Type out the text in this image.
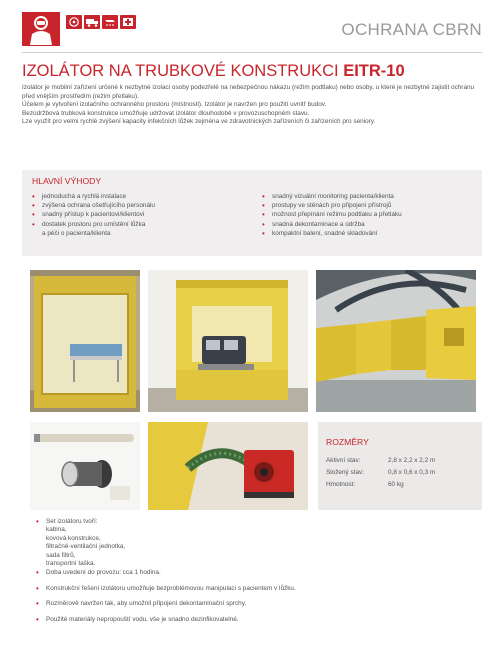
OCHRANA CBRN
IZOLÁTOR NA TRUBKOVÉ KONSTRUKCI EITR-10

Izolátor je mobilní zařízení určené k nezbytné izolaci osoby podezřelé na nebezpečnou nákazu (režim podtlaku) nebo osoby, u které je nezbytné zajistit ochranu před vnějším prostředím (režim přetlaku).

Účelem je vytvoření izolačního ochranného prostoru (místnosti). Izolátor je navržen pro použití uvnitř budov.

Bezúdržbová trubková konstrukce umožňuje udržovat izolátor dlouhodobě v provozuschopném stavu.

Lze využít pro velmi rychlé zvýšení kapacity infekčních lůžek zejména ve zdravotnických zařízeních či zařízeních pro seniory.

HLAVNÍ VÝHODY
• jednoduchá a rychlá instalace
• zvýšená ochrana ošetřujícího personálu
• snadný přístup k pacientovi/klientovi
• dostatek prostoru pro umístění lůžka
a péči o pacienta/klienta
• snadný vizuální monitoring pacienta/klienta
• prostupy ve stěnách pro připojení přístrojů
• možnost přepínání režimu podtlaku a přetlaku
• snadná dekontaminace a údržba
• kompaktní balení, snadné skladování
ROZMĚRY
Aktivní stav:	2,8 x 2,2 x 2,2 m
Složený stav:	0,8 x 0,6 x 0,3 m
Hmotnost:	60 kg
• Set izolátoru tvoří:
kabina,
kovová konstrukce,
filtračně-ventilační jednotka,
sada filtrů,
transportní taška.
• Doba uvedení do provozu: cca 1 hodina.
• Konstrukční řešení izolátoru umožňuje bezproblémovou manipulaci s pacientem v lůžku.
• Rozměrově navržen tak, aby umožnil připojení dekontaminační sprchy.
• Použité materiály nepropouští vodu, vše je snadno dezinfikovatelné.
